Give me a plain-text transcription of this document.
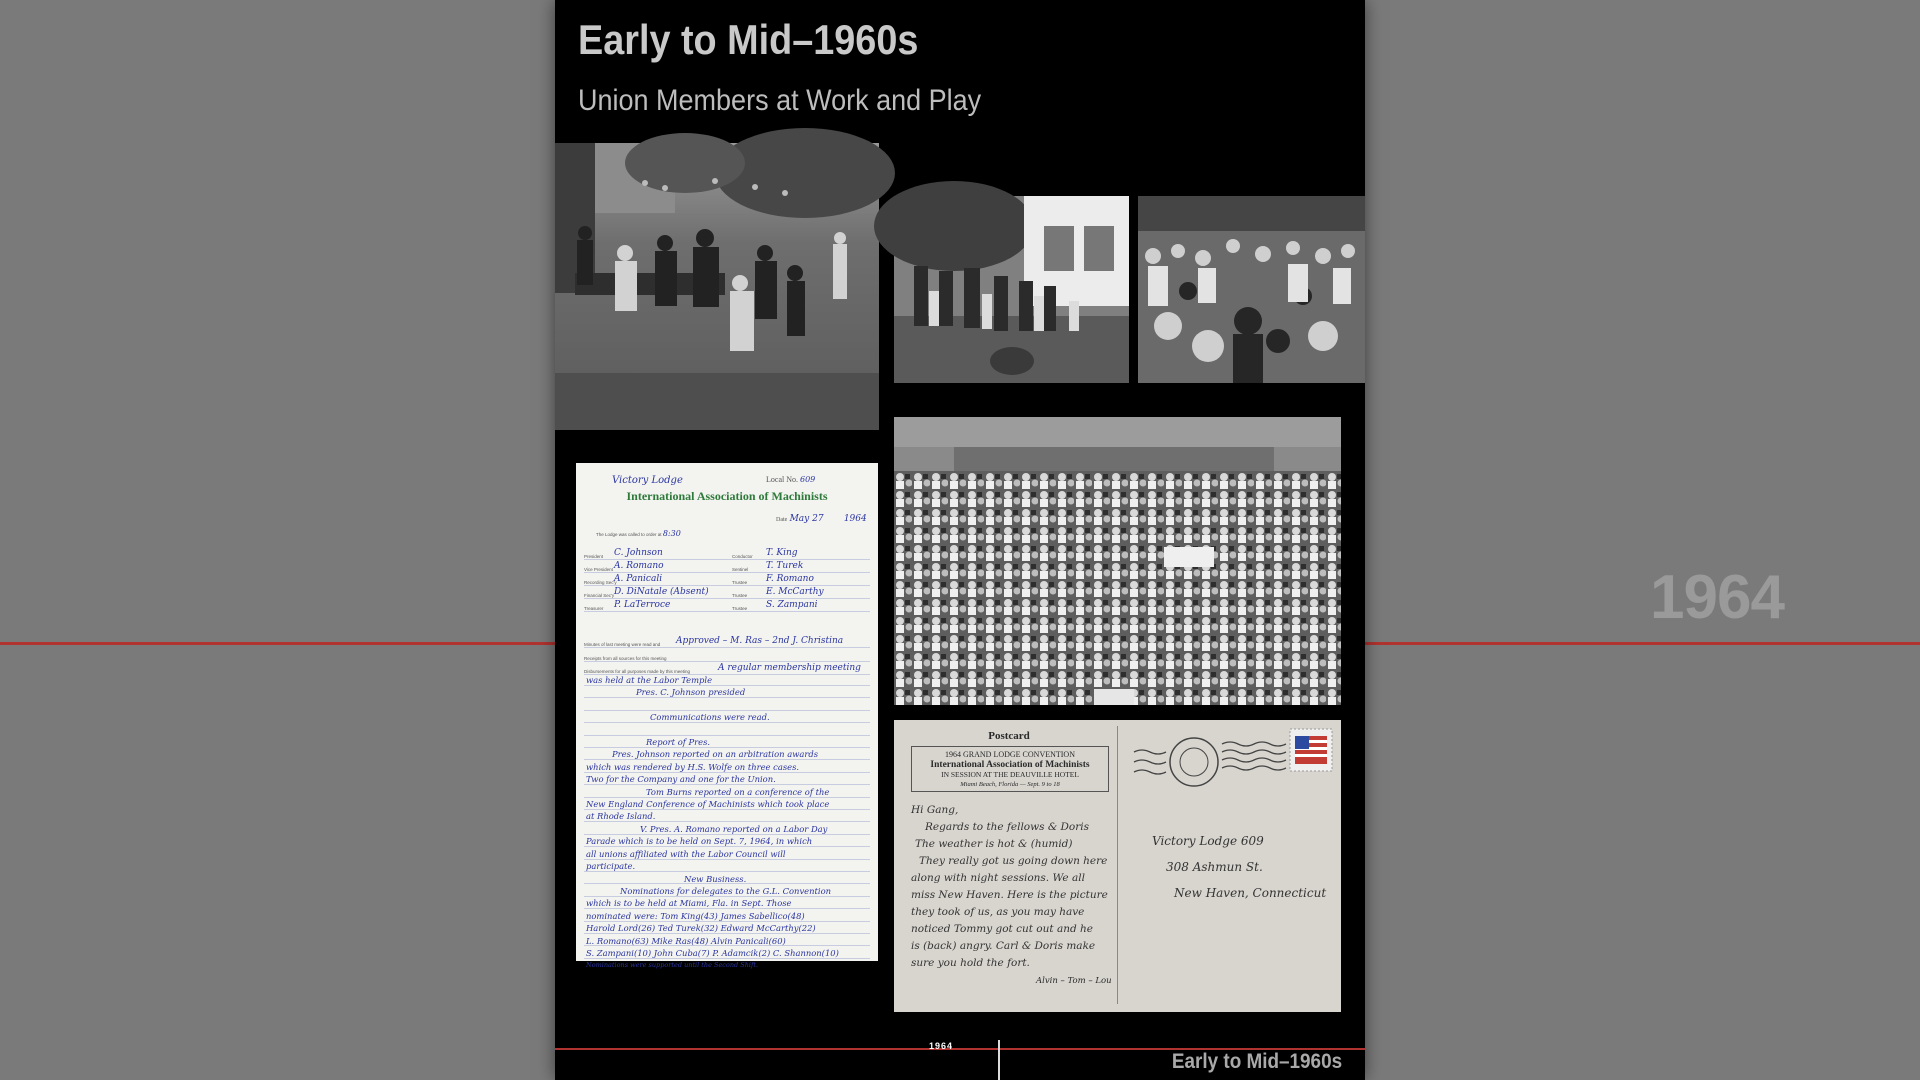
1964
Early to Mid–1960s
Union Members at Work and Play
Victory Lodge	Local No. 609
International Association of Machinists
Date May 27 1964
The Lodge was called to order at 8:30
President C. Johnson
Vice President A. Romano
Recording Sec'y
A. Panicali
Financial Sec'y D. DiNatale (Absent)
Treasurer P. LaTerroce
Conductor T. King
Sentinel T. Turek
Trustee F. Romano
Trustee E. McCarthy
Trustee S. Zampani
Minutes of last meeting were read and Approved – M. Ras – 2nd J. Christina
Receipts from all sources for this meeting
Disbursements for all purposes made by this meeting	A regular membership meeting
was held at the Labor Temple
Pres. C. Johnson presided

Communications were read.

Report of Pres.
Pres. Johnson reported on an arbitration awards
which was rendered by H.S. Wolfe on three cases.
Two for the Company and one for the Union.
Tom Burns reported on a conference of the
New England Conference of Machinists which took place
at Rhode Island.
V. Pres. A. Romano reported on a Labor Day
Parade which is to be held on Sept. 7, 1964, in which
all unions affiliated with the Labor Council will
participate.
New Business.
Nominations for delegates to the G.L. Convention
which is to be held at Miami, Fla. in Sept. Those
nominated were: Tom King(43) James Sabellico(48)
Harold Lord(26) Ted Turek(32) Edward McCarthy(22)
L. Romano(63) Mike Ras(48) Alvin Panicali(60)
S. Zampani(10) John Cuba(7) P. Adamcik(2) C. Shannon(10)
Nominations were supported until the Second Shift.
Postcard
1964 GRAND LODGE CONVENTION
International Association of Machinists
IN SESSION AT THE DEAUVILLE HOTEL
Miami Beach, Florida — Sept. 9 to 18
Hi Gang,
Regards to the fellows & Doris
The weather is hot & (humid)
They really got us going down here
along with night sessions. We all
miss New Haven. Here is the picture
they took of us, as you may have
noticed Tommy got cut out and he
is (back) angry. Carl & Doris make
sure you hold the fort.
Alvin – Tom – Lou
Victory Lodge 609
308 Ashmun St.
New Haven, Connecticut
1964
Early to Mid–1960s
